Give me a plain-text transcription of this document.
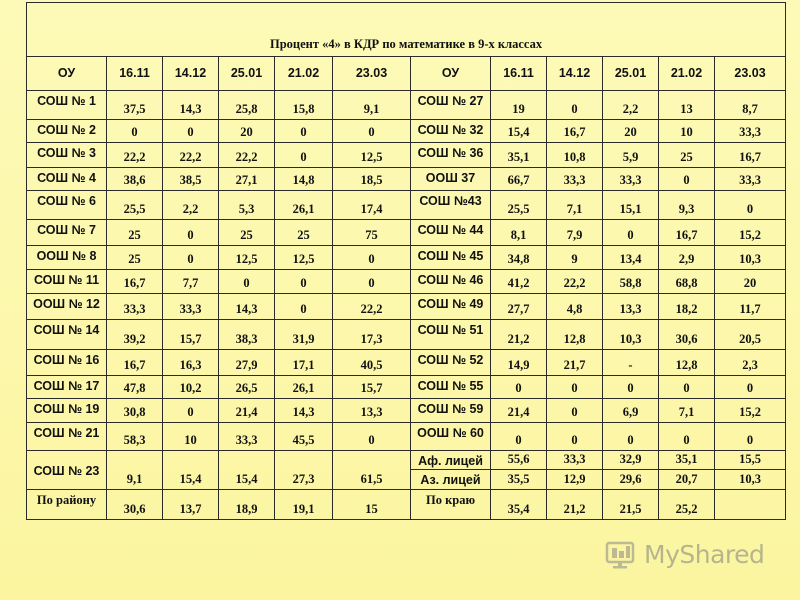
Процент «4» в КДР по математике в 9-х классах											
ОУ	16.11	14.12	25.01	21.02	23.03	ОУ	16.11	14.12	25.01	21.02	23.03
СОШ № 1	37,5	14,3	25,8	15,8	9,1	СОШ № 27	19	0	2,2	13	8,7
СОШ № 2	0	0	20	0	0	СОШ № 32	15,4	16,7	20	10	33,3
СОШ № 3	22,2	22,2	22,2	0	12,5	СОШ № 36	35,1	10,8	5,9	25	16,7
СОШ № 4	38,6	38,5	27,1	14,8	18,5	ООШ 37	66,7	33,3	33,3	0	33,3
СОШ № 6	25,5	2,2	5,3	26,1	17,4	СОШ №43	25,5	7,1	15,1	9,3	0
СОШ № 7	25	0	25	25	75	СОШ № 44	8,1	7,9	0	16,7	15,2
ООШ № 8	25	0	12,5	12,5	0	СОШ № 45	34,8	9	13,4	2,9	10,3
СОШ № 11	16,7	7,7	0	0	0	СОШ № 46	41,2	22,2	58,8	68,8	20
ООШ № 12	33,3	33,3	14,3	0	22,2	СОШ № 49	27,7	4,8	13,3	18,2	11,7
СОШ № 14	39,2	15,7	38,3	31,9	17,3	СОШ № 51	21,2	12,8	10,3	30,6	20,5
СОШ № 16	16,7	16,3	27,9	17,1	40,5	СОШ № 52	14,9	21,7	-	12,8	2,3
СОШ № 17	47,8	10,2	26,5	26,1	15,7	СОШ № 55	0	0	0	0	0
СОШ № 19	30,8	0	21,4	14,3	13,3	СОШ № 59	21,4	0	6,9	7,1	15,2
СОШ № 21	58,3	10	33,3	45,5	0	ООШ № 60	0	0	0	0	0
СОШ № 23	9,1	15,4	15,4	27,3	61,5	Аф. лицей	55,6	33,3	32,9	35,1	15,5
						Аз. лицей	35,5	12,9	29,6	20,7	10,3
По району	30,6	13,7	18,9	19,1	15	По краю	35,4	21,2	21,5	25,2	
MyShared
